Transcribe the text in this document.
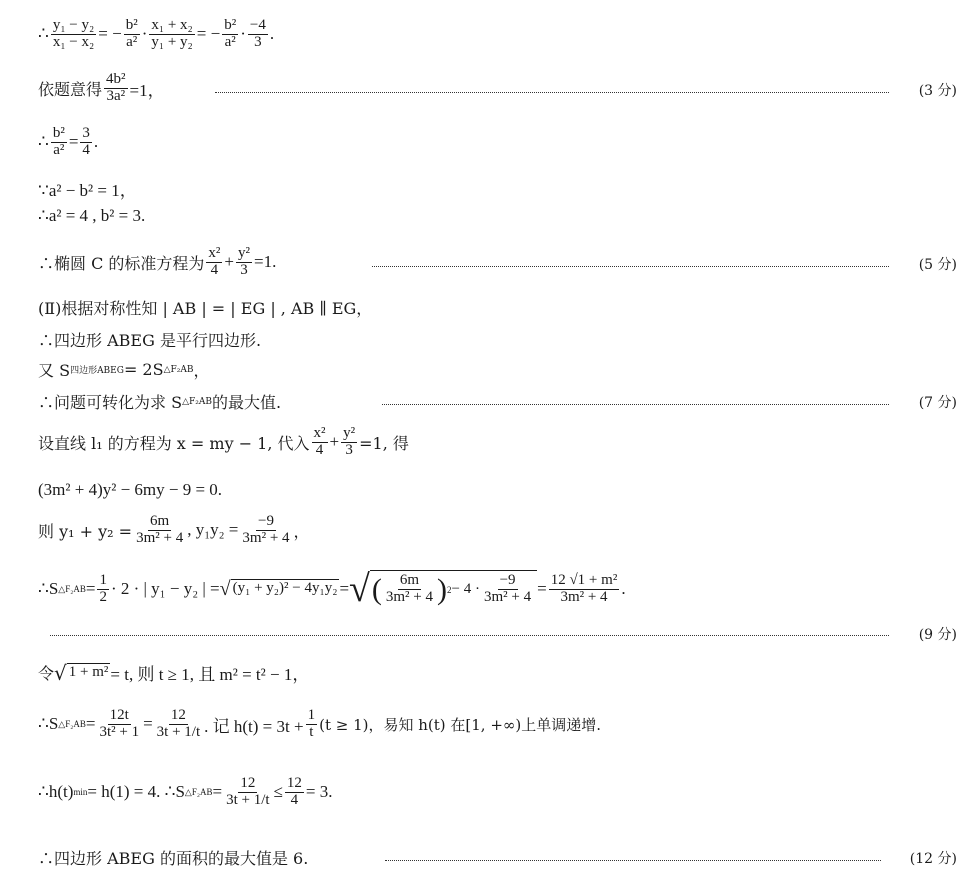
∴ $\frac{\text{y₁ − y₂}}{\text{x₁ − x₂}}$ = − $\frac{\text{b²}}{\text{a²}} \cdot \frac{\text{x₁ + x₂}}{\text{y₁ + y₂}}$ = − $\frac{\text{b²}}{\text{a²}} \cdot \frac{-4}{3}$ .
依题意得 $\frac{\text{4b²}}{\text{3a²}} =1$，	(3 分)
∴ $\frac{\text{b²}}{\text{a²}} = \frac{3}{4}$ .
∵a² − b² = 1，
∴a² = 4 , b² = 3.
∴椭圆 C 的标准方程为 $\frac{\text{x²}}{4} + \frac{\text{y²}}{3} =1$.	(5 分)
(Ⅱ)根据对称性知 | AB | = | EG | , AB ∥ EG，
∴四边形 ABEG 是平行四边形.
又 S 四边形ABEG = 2S △F₂AB ，
∴问题可转化为求 S △F₂AB 的最大值.	(7 分)
设直线 l₁ 的方程为 x = my − 1, 代入 $\frac{\text{x²}}{4} + \frac{\text{y²}}{3} =1$, 得
(3m² + 4)y² − 6my − 9 = 0.
则 $y_1 + y_2 = \frac{6m}{\text{3m² + 4}}$ , $y_1y_2 = \frac{-9}{\text{3m² + 4}}$ ，
∴S △F₂AB = $\frac{1}{2} \cdot 2$ · | y₁ − y₂ | = √ (y₁ + y₂)² − 4y₁y₂ = √ ( $\frac{6m}{\text{3m² + 4}}$ ) $2 - 4 \cdot \frac{-9}{\text{3m² + 4}} = \frac{\text{12 √1 + m²}}{\text{3m² + 4}}$ .
(9 分)
令 √ 1 + m² = t, 则 t ≥ 1, 且 m² = t² − 1，
∴S △F₂AB = $\frac{12t}{\text{3t² + 1}} = \frac{12}{3t + 1/t}$ . 记 $h(t) = 3t + \frac{1}{t} (t \ge 1)$，易知 h(t) 在[1, +∞)上单调递增.
∴h(t) min = h(1) = 4. ∴S △F₂AB = $\frac{12}{3t + 1/t} \le \frac{12}{4} = 3$.
∴四边形 ABEG 的面积的最大值是 6.	(12 分)
